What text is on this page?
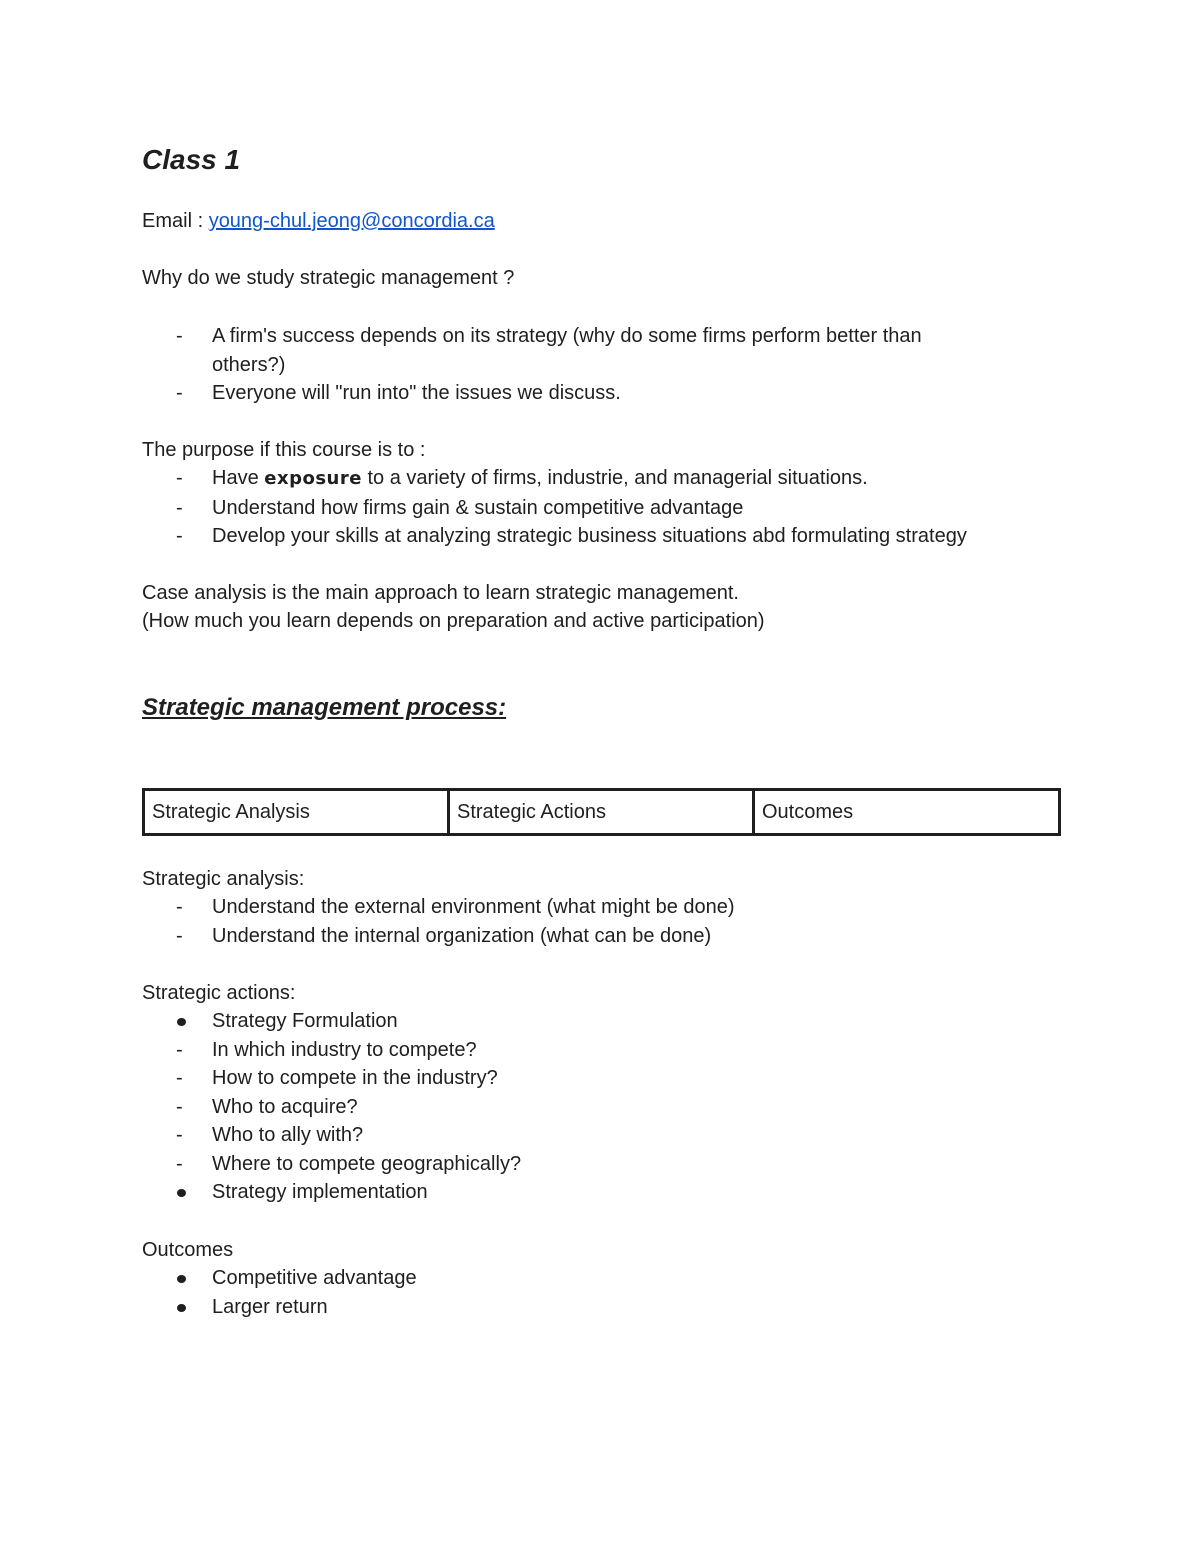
Class 1
Email : young-chul.jeong@concordia.ca
Why do we study strategic management ?
-	A firm's success depends on its strategy (why do some firms perform better than
others?)
-	Everyone will "run into" the issues we discuss.
The purpose if this course is to :
-	Have exposure to a variety of firms, industrie, and managerial situations.
-	Understand how firms gain & sustain competitive advantage
-	Develop your skills at analyzing strategic business situations abd formulating strategy
Case analysis is the main approach to learn strategic management.
(How much you learn depends on preparation and active participation)
Strategic management process:
Strategic Analysis	Strategic Actions	Outcomes
Strategic analysis:
-	Understand the external environment (what might be done)
-	Understand the internal organization (what can be done)
Strategic actions:
Strategy Formulation
-	In which industry to compete?
-	How to compete in the industry?
-	Who to acquire?
-	Who to ally with?
-	Where to compete geographically?
Strategy implementation
Outcomes
Competitive advantage
Larger return
